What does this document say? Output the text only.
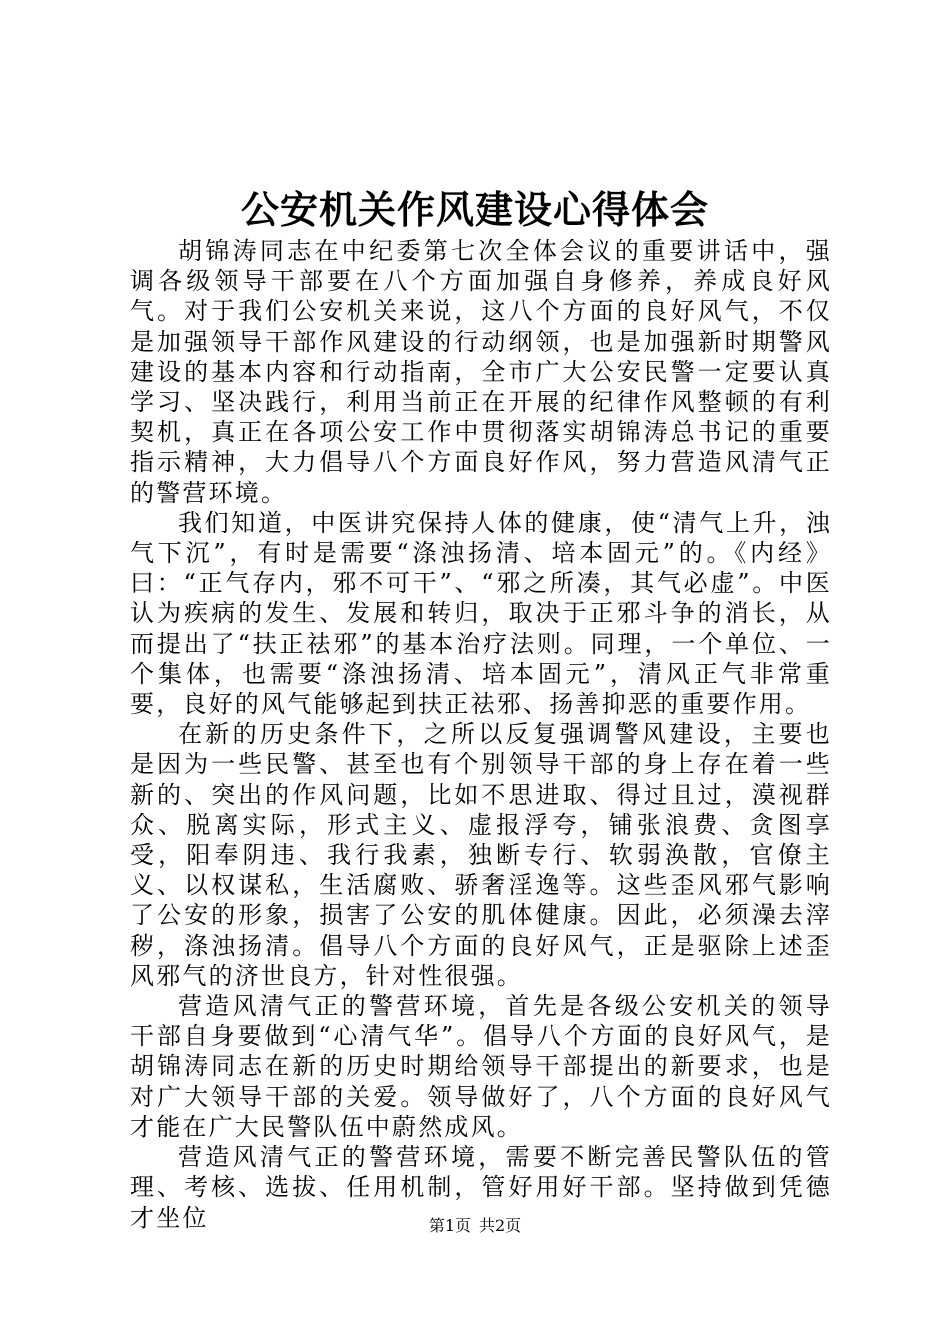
公安机关作风建设心得体会

胡锦涛同志在中纪委第七次全体会议的重要讲话中，强调各级领导干部要在八个方面加强自身修养，养成良好风气。对于我们公安机关来说，这八个方面的良好风气，不仅是加强领导干部作风建设的行动纲领，也是加强新时期警风建设的基本内容和行动指南，全市广大公安民警一定要认真学习、坚决践行，利用当前正在开展的纪律作风整顿的有利契机，真正在各项公安工作中贯彻落实胡锦涛总书记的重要指示精神，大力倡导八个方面良好作风，努力营造风清气正的警营环境。

我们知道，中医讲究保持人体的健康，使“清气上升，浊气下沉”，有时是需要“涤浊扬清、培本固元”的。《内经》曰：“正气存内，邪不可干”、“邪之所凑，其气必虚”。中医认为疾病的发生、发展和转归，取决于正邪斗争的消长，从而提出了“扶正祛邪”的基本治疗法则。同理，一个单位、一个集体，也需要“涤浊扬清、培本固元”，清风正气非常重要，良好的风气能够起到扶正祛邪、扬善抑恶的重要作用。

在新的历史条件下，之所以反复强调警风建设，主要也是因为一些民警、甚至也有个别领导干部的身上存在着一些新的、突出的作风问题，比如不思进取、得过且过，漠视群众、脱离实际，形式主义、虚报浮夸，铺张浪费、贪图享受，阳奉阴违、我行我素，独断专行、软弱涣散，官僚主义、以权谋私，生活腐败、骄奢淫逸等。这些歪风邪气影响了公安的形象，损害了公安的肌体健康。因此，必须澡去滓秽，涤浊扬清。倡导八个方面的良好风气，正是驱除上述歪风邪气的济世良方，针对性很强。

营造风清气正的警营环境，首先是各级公安机关的领导干部自身要做到“心清气华”。倡导八个方面的良好风气，是胡锦涛同志在新的历史时期给领导干部提出的新要求，也是对广大领导干部的关爱。领导做好了，八个方面的良好风气才能在广大民警队伍中蔚然成风。

营造风清气正的警营环境，需要不断完善民警队伍的管理、考核、选拔、任用机制，管好用好干部。坚持做到凭德才坐位	第1页 共2页
